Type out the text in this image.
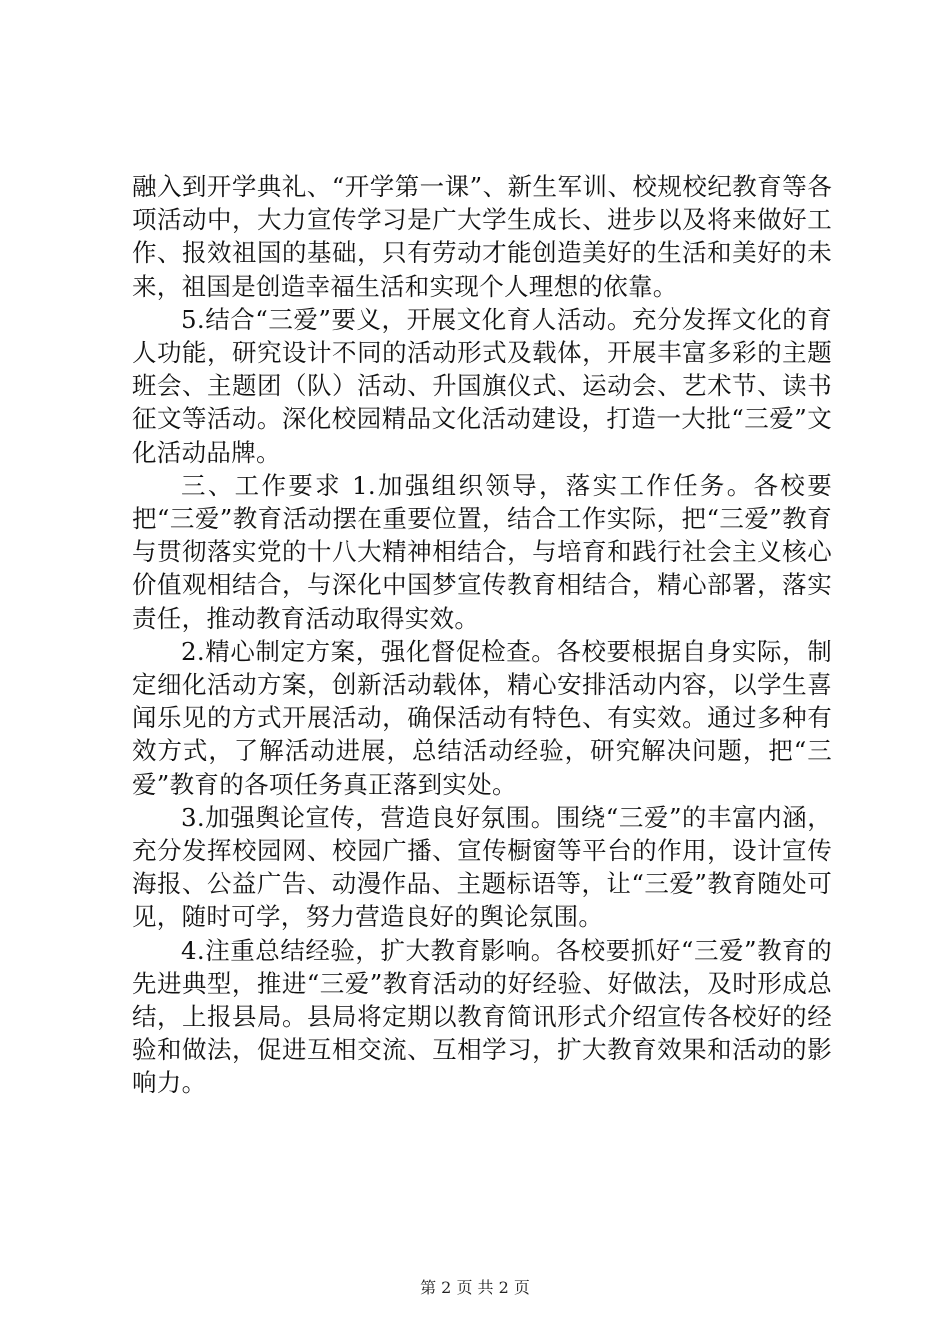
融入到开学典礼、“开学第一课”、新生军训、校规校纪教育等各项活动中，大力宣传学习是广大学生成长、进步以及将来做好工作、报效祖国的基础，只有劳动才能创造美好的生活和美好的未来，祖国是创造幸福生活和实现个人理想的依靠。

5.结合“三爱”要义，开展文化育人活动。充分发挥文化的育人功能，研究设计不同的活动形式及载体，开展丰富多彩的主题班会、主题团（队）活动、升国旗仪式、运动会、艺术节、读书征文等活动。深化校园精品文化活动建设，打造一大批“三爱”文化活动品牌。

三、工作要求 1.加强组织领导，落实工作任务。各校要把“三爱”教育活动摆在重要位置，结合工作实际，把“三爱”教育与贯彻落实党的十八大精神相结合，与培育和践行社会主义核心价值观相结合，与深化中国梦宣传教育相结合，精心部署，落实责任，推动教育活动取得实效。

2.精心制定方案，强化督促检查。各校要根据自身实际，制定细化活动方案，创新活动载体，精心安排活动内容，以学生喜闻乐见的方式开展活动，确保活动有特色、有实效。通过多种有效方式，了解活动进展，总结活动经验，研究解决问题，把“三爱”教育的各项任务真正落到实处。

3.加强舆论宣传，营造良好氛围。围绕“三爱”的丰富内涵，充分发挥校园网、校园广播、宣传橱窗等平台的作用，设计宣传海报、公益广告、动漫作品、主题标语等，让“三爱”教育随处可见，随时可学，努力营造良好的舆论氛围。

4.注重总结经验，扩大教育影响。各校要抓好“三爱”教育的先进典型，推进“三爱”教育活动的好经验、好做法，及时形成总结，上报县局。县局将定期以教育简讯形式介绍宣传各校好的经验和做法，促进互相交流、互相学习，扩大教育效果和活动的影响力。

第 2 页 共 2 页
